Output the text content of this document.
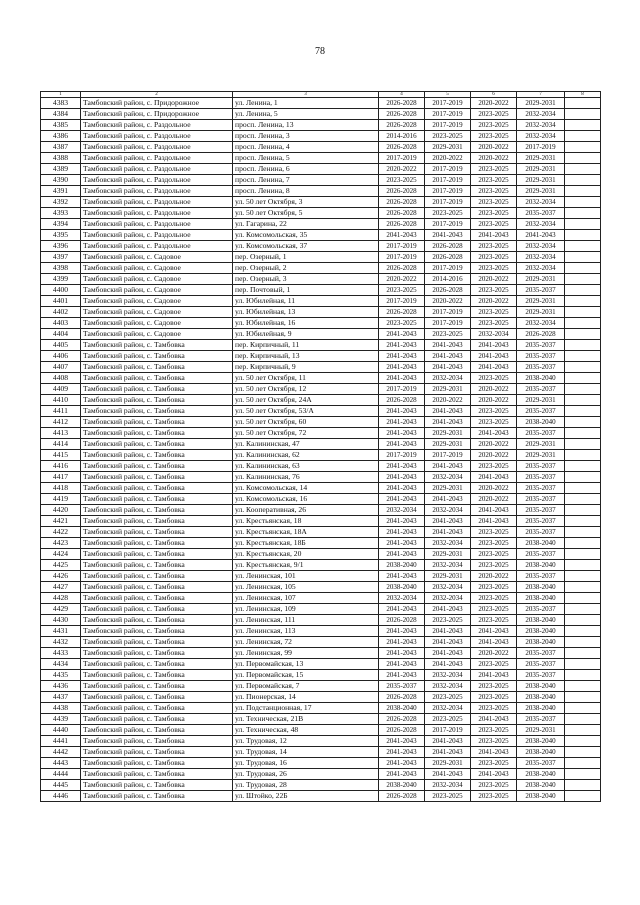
78
1	2	3	4	5	6	7	8
4383	Тамбовский район, с. Придорожное	ул. Ленина, 1	2026-2028	2017-2019	2020-2022	2029-2031	
4384	Тамбовский район, с. Придорожное	ул. Ленина, 5	2026-2028	2017-2019	2023-2025	2032-2034	
4385	Тамбовский район, с. Раздольное	просп. Ленина, 13	2026-2028	2017-2019	2023-2025	2032-2034	
4386	Тамбовский район, с. Раздольное	просп. Ленина, 3	2014-2016	2023-2025	2023-2025	2032-2034	
4387	Тамбовский район, с. Раздольное	просп. Ленина, 4	2026-2028	2029-2031	2020-2022	2017-2019	
4388	Тамбовский район, с. Раздольное	просп. Ленина, 5	2017-2019	2020-2022	2020-2022	2029-2031	
4389	Тамбовский район, с. Раздольное	просп. Ленина, 6	2020-2022	2017-2019	2023-2025	2029-2031	
4390	Тамбовский район, с. Раздольное	просп. Ленина, 7	2023-2025	2017-2019	2023-2025	2029-2031	
4391	Тамбовский район, с. Раздольное	просп. Ленина, 8	2026-2028	2017-2019	2023-2025	2029-2031	
4392	Тамбовский район, с. Раздольное	ул. 50 лет Октября, 3	2026-2028	2017-2019	2023-2025	2032-2034	
4393	Тамбовский район, с. Раздольное	ул. 50 лет Октября, 5	2026-2028	2023-2025	2023-2025	2035-2037	
4394	Тамбовский район, с. Раздольное	ул. Гагарина, 22	2026-2028	2017-2019	2023-2025	2032-2034	
4395	Тамбовский район, с. Раздольное	ул. Комсомольская, 35	2041-2043	2041-2043	2041-2043	2041-2043	
4396	Тамбовский район, с. Раздольное	ул. Комсомольская, 37	2017-2019	2026-2028	2023-2025	2032-2034	
4397	Тамбовский район, с. Садовое	пер. Озерный, 1	2017-2019	2026-2028	2023-2025	2032-2034	
4398	Тамбовский район, с. Садовое	пер. Озерный, 2	2026-2028	2017-2019	2023-2025	2032-2034	
4399	Тамбовский район, с. Садовое	пер. Озерный, 3	2020-2022	2014-2016	2020-2022	2029-2031	
4400	Тамбовский район, с. Садовое	пер. Почтовый, 1	2023-2025	2026-2028	2023-2025	2035-2037	
4401	Тамбовский район, с. Садовое	ул. Юбилейная, 11	2017-2019	2020-2022	2020-2022	2029-2031	
4402	Тамбовский район, с. Садовое	ул. Юбилейная, 13	2026-2028	2017-2019	2023-2025	2029-2031	
4403	Тамбовский район, с. Садовое	ул. Юбилейная, 16	2023-2025	2017-2019	2023-2025	2032-2034	
4404	Тамбовский район, с. Садовое	ул. Юбилейная, 9	2041-2043	2023-2025	2032-2034	2026-2028	
4405	Тамбовский район, с. Тамбовка	пер. Кирпичный, 11	2041-2043	2041-2043	2041-2043	2035-2037	
4406	Тамбовский район, с. Тамбовка	пер. Кирпичный, 13	2041-2043	2041-2043	2041-2043	2035-2037	
4407	Тамбовский район, с. Тамбовка	пер. Кирпичный, 9	2041-2043	2041-2043	2041-2043	2035-2037	
4408	Тамбовский район, с. Тамбовка	ул. 50 лет Октября, 11	2041-2043	2032-2034	2023-2025	2038-2040	
4409	Тамбовский район, с. Тамбовка	ул. 50 лет Октября, 12	2017-2019	2029-2031	2020-2022	2035-2037	
4410	Тамбовский район, с. Тамбовка	ул. 50 лет Октября, 24А	2026-2028	2020-2022	2020-2022	2029-2031	
4411	Тамбовский район, с. Тамбовка	ул. 50 лет Октября, 53/А	2041-2043	2041-2043	2023-2025	2035-2037	
4412	Тамбовский район, с. Тамбовка	ул. 50 лет Октября, 60	2041-2043	2041-2043	2023-2025	2038-2040	
4413	Тамбовский район, с. Тамбовка	ул. 50 лет Октября, 72	2041-2043	2029-2031	2041-2043	2035-2037	
4414	Тамбовский район, с. Тамбовка	ул. Калининская, 47	2041-2043	2029-2031	2020-2022	2029-2031	
4415	Тамбовский район, с. Тамбовка	ул. Калининская, 62	2017-2019	2017-2019	2020-2022	2029-2031	
4416	Тамбовский район, с. Тамбовка	ул. Калининская, 63	2041-2043	2041-2043	2023-2025	2035-2037	
4417	Тамбовский район, с. Тамбовка	ул. Калининская, 76	2041-2043	2032-2034	2041-2043	2035-2037	
4418	Тамбовский район, с. Тамбовка	ул. Комсомольская, 14	2041-2043	2029-2031	2020-2022	2035-2037	
4419	Тамбовский район, с. Тамбовка	ул. Комсомольская, 16	2041-2043	2041-2043	2020-2022	2035-2037	
4420	Тамбовский район, с. Тамбовка	ул. Кооперативная, 26	2032-2034	2032-2034	2041-2043	2035-2037	
4421	Тамбовский район, с. Тамбовка	ул. Крестьянская, 18	2041-2043	2041-2043	2041-2043	2035-2037	
4422	Тамбовский район, с. Тамбовка	ул. Крестьянская, 18А	2041-2043	2041-2043	2023-2025	2035-2037	
4423	Тамбовский район, с. Тамбовка	ул. Крестьянская, 18Б	2041-2043	2032-2034	2023-2025	2038-2040	
4424	Тамбовский район, с. Тамбовка	ул. Крестьянская, 20	2041-2043	2029-2031	2023-2025	2035-2037	
4425	Тамбовский район, с. Тамбовка	ул. Крестьянская, 9/1	2038-2040	2032-2034	2023-2025	2038-2040	
4426	Тамбовский район, с. Тамбовка	ул. Ленинская, 101	2041-2043	2029-2031	2020-2022	2035-2037	
4427	Тамбовский район, с. Тамбовка	ул. Ленинская, 105	2038-2040	2032-2034	2023-2025	2038-2040	
4428	Тамбовский район, с. Тамбовка	ул. Ленинская, 107	2032-2034	2032-2034	2023-2025	2038-2040	
4429	Тамбовский район, с. Тамбовка	ул. Ленинская, 109	2041-2043	2041-2043	2023-2025	2035-2037	
4430	Тамбовский район, с. Тамбовка	ул. Ленинская, 111	2026-2028	2023-2025	2023-2025	2038-2040	
4431	Тамбовский район, с. Тамбовка	ул. Ленинская, 113	2041-2043	2041-2043	2041-2043	2038-2040	
4432	Тамбовский район, с. Тамбовка	ул. Ленинская, 72	2041-2043	2041-2043	2041-2043	2038-2040	
4433	Тамбовский район, с. Тамбовка	ул. Ленинская, 99	2041-2043	2041-2043	2020-2022	2035-2037	
4434	Тамбовский район, с. Тамбовка	ул. Первомайская, 13	2041-2043	2041-2043	2023-2025	2035-2037	
4435	Тамбовский район, с. Тамбовка	ул. Первомайская, 15	2041-2043	2032-2034	2041-2043	2035-2037	
4436	Тамбовский район, с. Тамбовка	ул. Первомайская, 7	2035-2037	2032-2034	2023-2025	2038-2040	
4437	Тамбовский район, с. Тамбовка	ул. Пионерская, 14	2026-2028	2023-2025	2023-2025	2038-2040	
4438	Тамбовский район, с. Тамбовка	ул. Подстанционная, 17	2038-2040	2032-2034	2023-2025	2038-2040	
4439	Тамбовский район, с. Тамбовка	ул. Техническая, 21В	2026-2028	2023-2025	2041-2043	2035-2037	
4440	Тамбовский район, с. Тамбовка	ул. Техническая, 48	2026-2028	2017-2019	2023-2025	2029-2031	
4441	Тамбовский район, с. Тамбовка	ул. Трудовая, 12	2041-2043	2041-2043	2023-2025	2038-2040	
4442	Тамбовский район, с. Тамбовка	ул. Трудовая, 14	2041-2043	2041-2043	2041-2043	2038-2040	
4443	Тамбовский район, с. Тамбовка	ул. Трудовая, 16	2041-2043	2029-2031	2023-2025	2035-2037	
4444	Тамбовский район, с. Тамбовка	ул. Трудовая, 26	2041-2043	2041-2043	2041-2043	2038-2040	
4445	Тамбовский район, с. Тамбовка	ул. Трудовая, 28	2038-2040	2032-2034	2023-2025	2038-2040	
4446	Тамбовский район, с. Тамбовка	ул. Штойко, 22Б	2026-2028	2023-2025	2023-2025	2038-2040	
